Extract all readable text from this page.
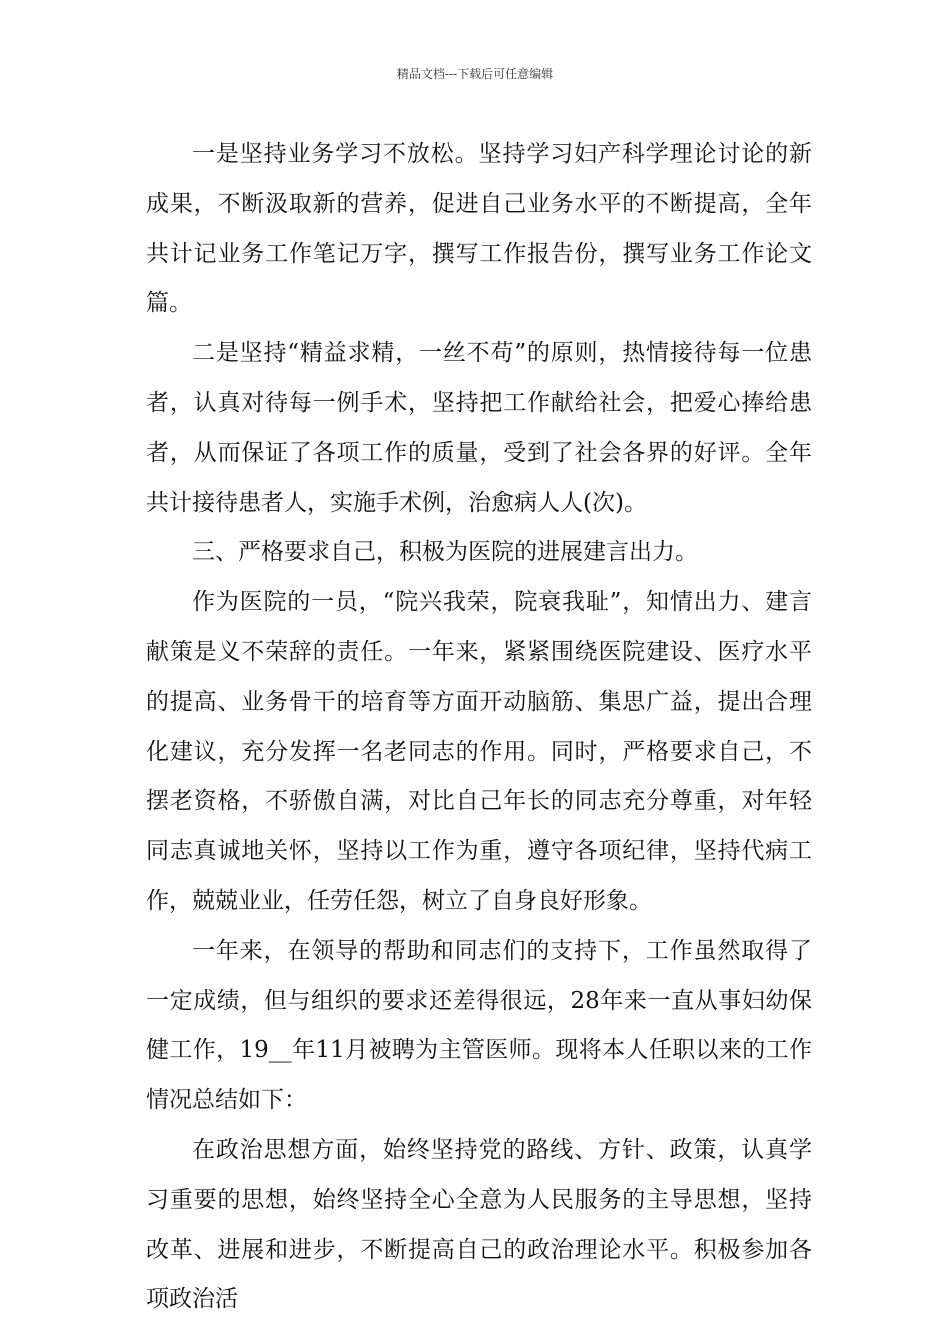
精品文档---下载后可任意编辑

一是坚持业务学习不放松。坚持学习妇产科学理论讨论的新成果，不断汲取新的营养，促进自己业务水平的不断提高，全年共计记业务工作笔记万字，撰写工作报告份，撰写业务工作论文篇。

二是坚持“精益求精，一丝不苟”的原则，热情接待每一位患者，认真对待每一例手术，坚持把工作献给社会，把爱心捧给患者，从而保证了各项工作的质量，受到了社会各界的好评。全年共计接待患者人，实施手术例，治愈病人人(次)。

三、严格要求自己，积极为医院的进展建言出力。

作为医院的一员，“院兴我荣，院衰我耻”，知情出力、建言献策是义不荣辞的责任。一年来，紧紧围绕医院建设、医疗水平的提高、业务骨干的培育等方面开动脑筋、集思广益，提出合理化建议，充分发挥一名老同志的作用。同时，严格要求自己，不摆老资格，不骄傲自满，对比自己年长的同志充分尊重，对年轻同志真诚地关怀，坚持以工作为重，遵守各项纪律，坚持代病工作，兢兢业业，任劳任怨，树立了自身良好形象。

一年来，在领导的帮助和同志们的支持下，工作虽然取得了一定成绩，但与组织的要求还差得很远，28年来一直从事妇幼保健工作，19__年11月被聘为主管医师。现将本人任职以来的工作情况总结如下：

在政治思想方面，始终坚持党的路线、方针、政策，认真学习重要的思想，始终坚持全心全意为人民服务的主导思想，坚持改革、进展和进步，不断提高自己的政治理论水平。积极参加各项政治活
